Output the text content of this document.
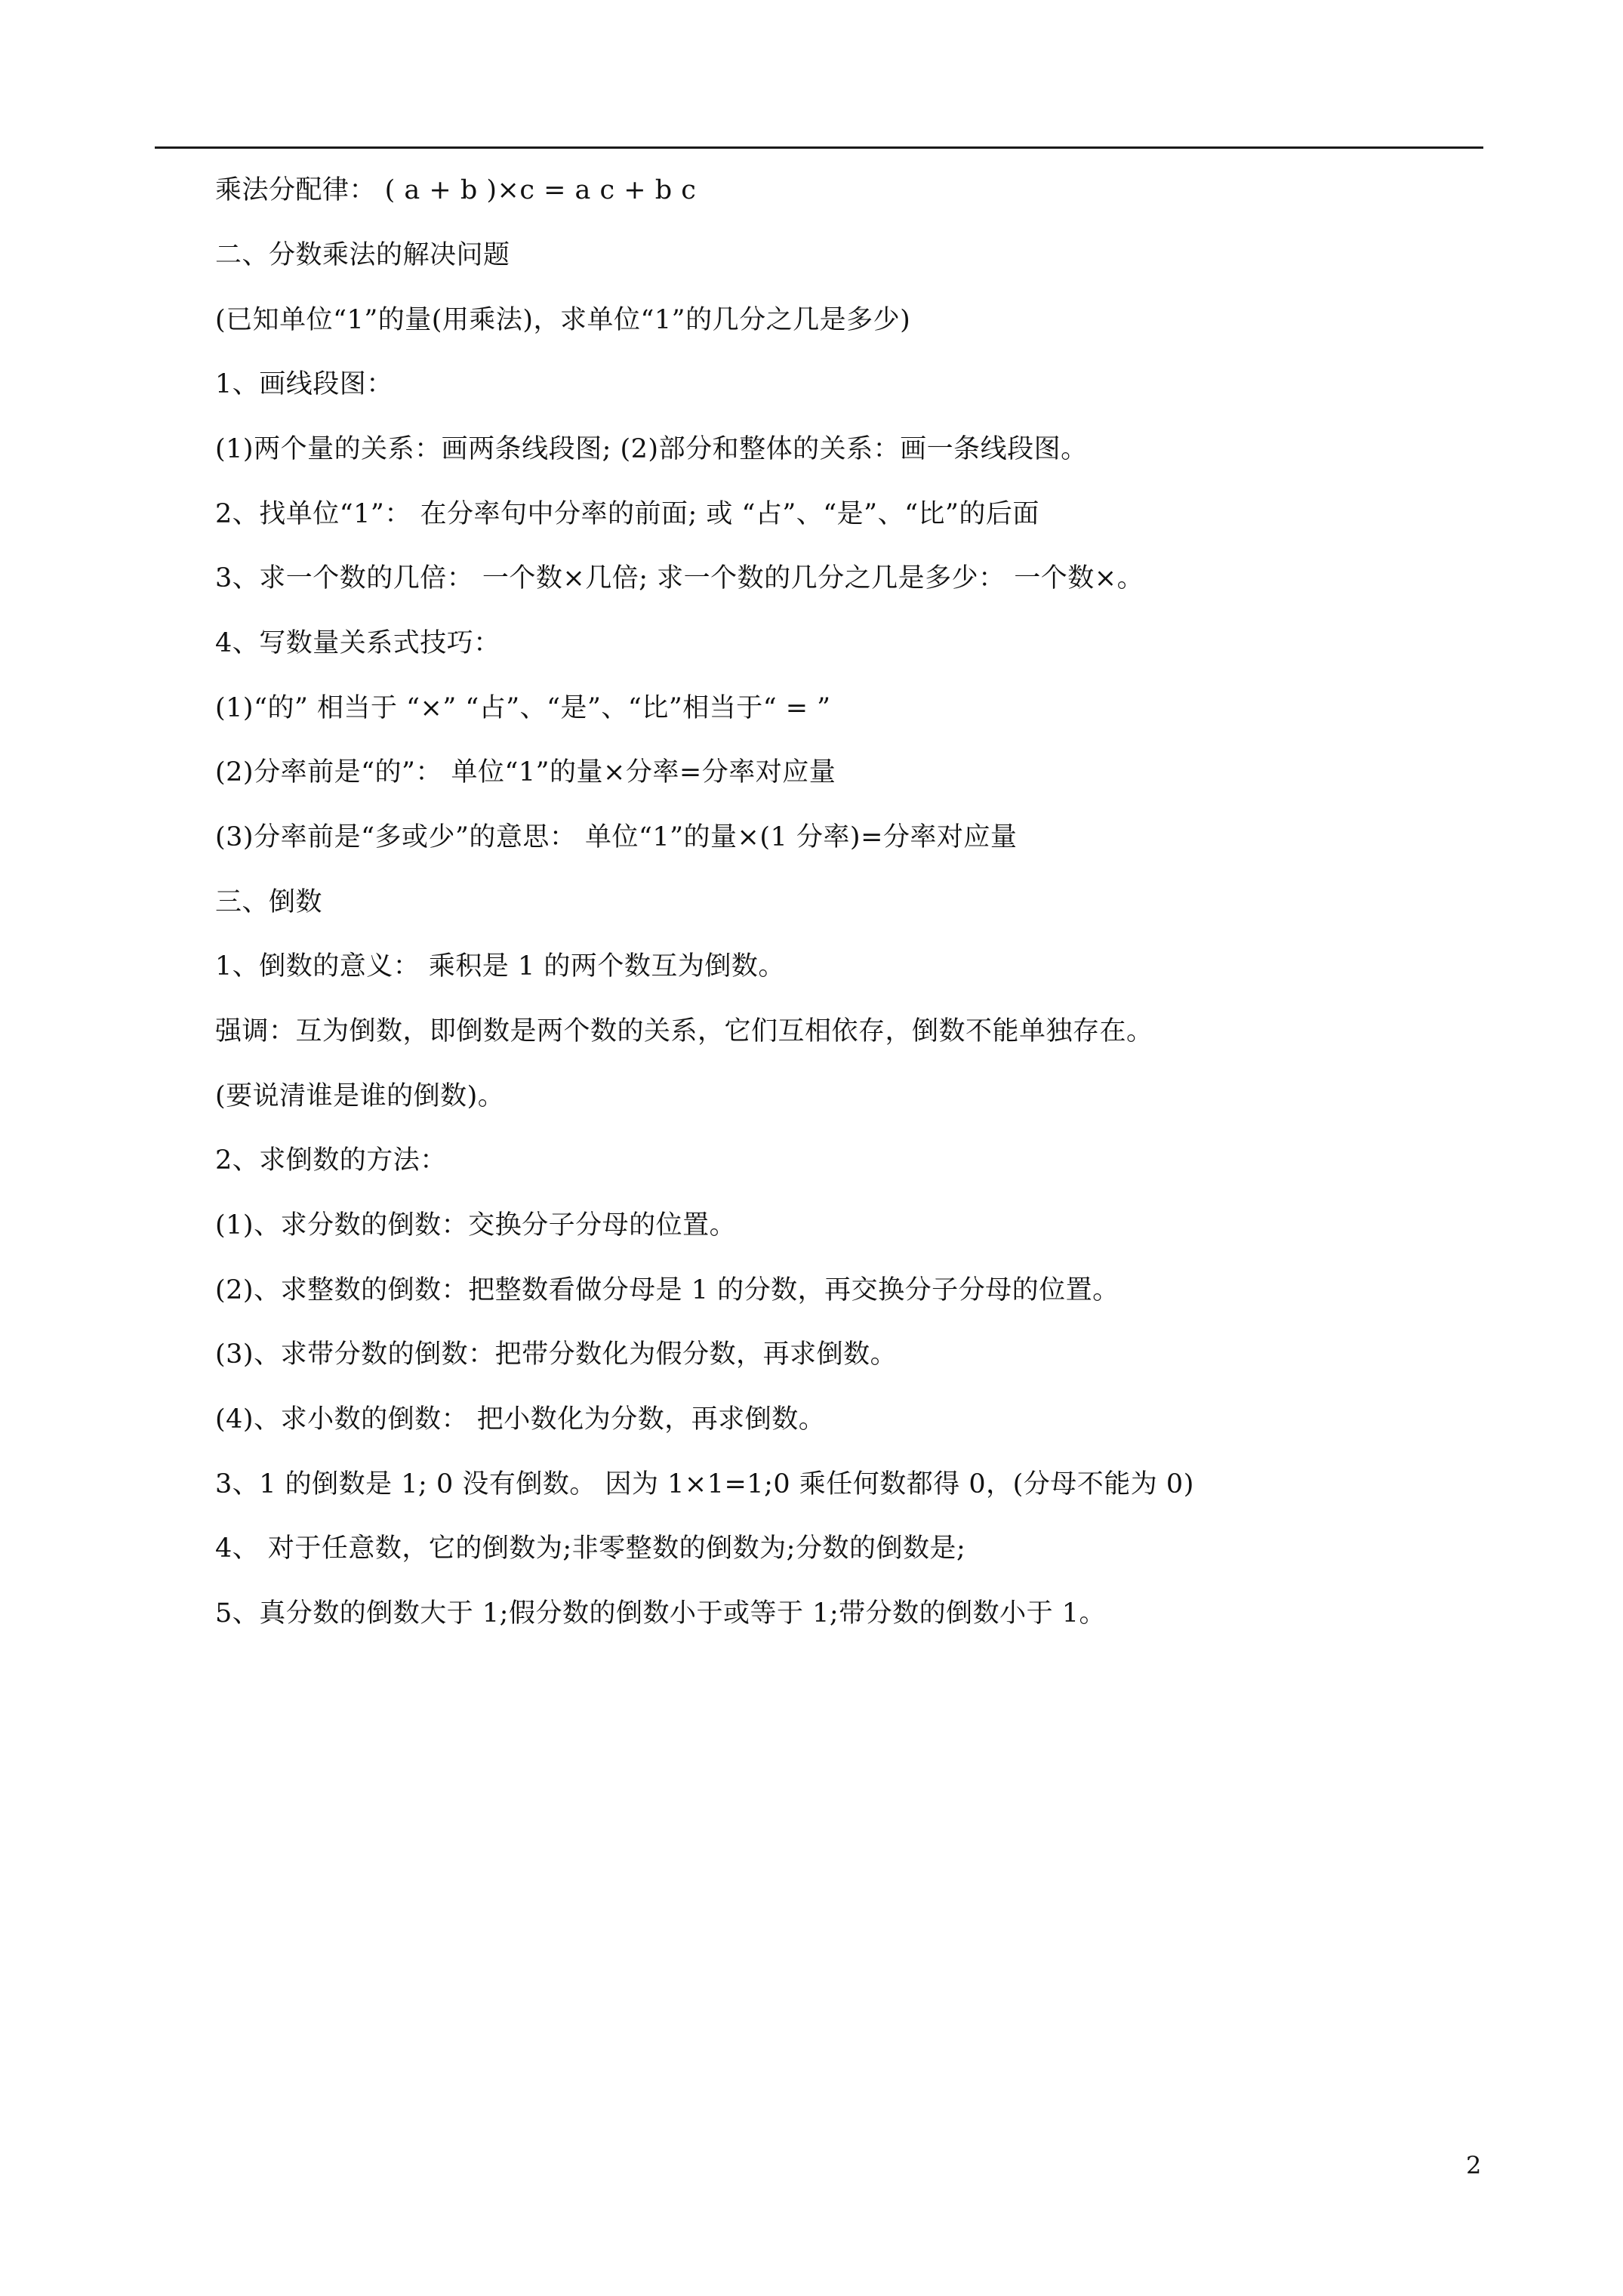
乘法分配律： ( a + b )×c = a c + b c
二、分数乘法的解决问题
(已知单位“1”的量(用乘法)，求单位“1”的几分之几是多少)
1、画线段图：
(1)两个量的关系：画两条线段图; (2)部分和整体的关系：画一条线段图。
2、找单位“1”： 在分率句中分率的前面; 或 “占”、“是”、“比”的后面
3、求一个数的几倍： 一个数×几倍; 求一个数的几分之几是多少： 一个数×。
4、写数量关系式技巧：
(1)“的” 相当于 “×” “占”、“是”、“比”相当于“ = ”
(2)分率前是“的”： 单位“1”的量×分率=分率对应量
(3)分率前是“多或少”的意思： 单位“1”的量×(1 分率)=分率对应量
三、倒数
1、倒数的意义： 乘积是 1 的两个数互为倒数。
强调：互为倒数，即倒数是两个数的关系，它们互相依存，倒数不能单独存在。
(要说清谁是谁的倒数)。
2、求倒数的方法：
(1)、求分数的倒数：交换分子分母的位置。
(2)、求整数的倒数：把整数看做分母是 1 的分数，再交换分子分母的位置。
(3)、求带分数的倒数：把带分数化为假分数，再求倒数。
(4)、求小数的倒数： 把小数化为分数，再求倒数。
3、1 的倒数是 1; 0 没有倒数。 因为 1×1=1;0 乘任何数都得 0，(分母不能为 0)
4、 对于任意数，它的倒数为;非零整数的倒数为;分数的倒数是;
5、真分数的倒数大于 1;假分数的倒数小于或等于 1;带分数的倒数小于 1。
2
